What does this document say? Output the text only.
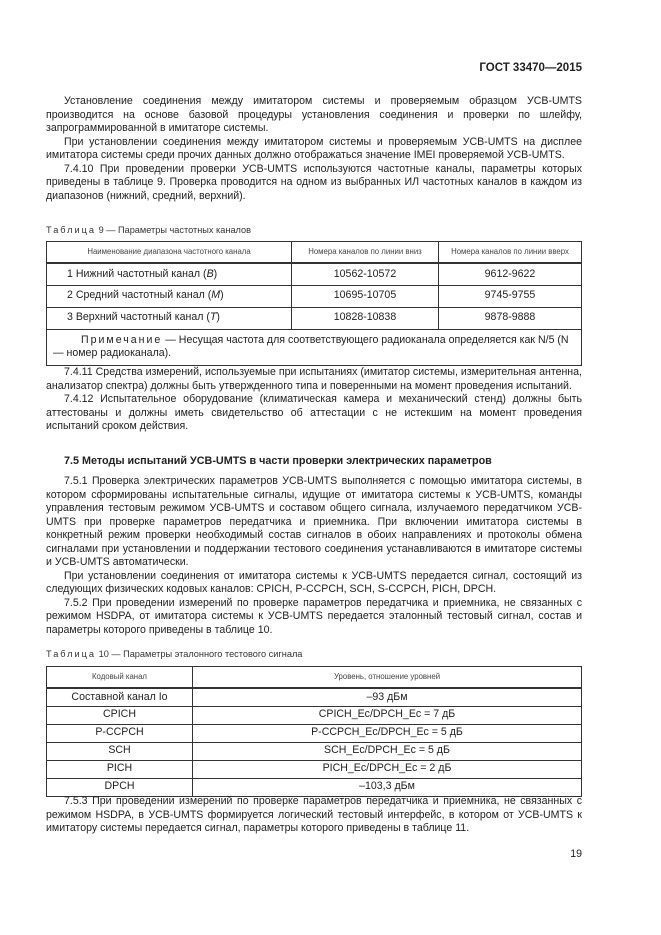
ГОСТ 33470—2015

Установление соединения между имитатором системы и проверяемым образцом УСВ-UMTS производится на основе базовой процедуры установления соединения и проверки по шлейфу, запрограммированной в имитаторе системы.

При установлении соединения между имитатором системы и проверяемым УСВ-UMTS на дисплее имитатора системы среди прочих данных должно отображаться значение IMEI проверяемой УСВ-UMTS.

7.4.10 При проведении проверки УСВ-UMTS используются частотные каналы, параметры которых приведены в таблице 9. Проверка проводится на одном из выбранных ИЛ частотных каналов в каждом из диапазонов (нижний, средний, верхний).

Таблица 9 — Параметры частотных каналов
Наименование диапазона частотного канала	Номера каналов по линии вниз	Номера каналов по линии вверх
1 Нижний частотный канал (B)	10562-10572	9612-9622
2 Средний частотный канал (M)	10695-10705	9745-9755
3 Верхний частотный канал (T)	10828-10838	9878-9888
Примечание — Несущая частота для соответствующего радиоканала определяется как N/5 (N — номер радиоканала).		

7.4.11 Средства измерений, используемые при испытаниях (имитатор системы, измерительная антенна, анализатор спектра) должны быть утвержденного типа и поверенными на момент проведения испытаний.

7.4.12 Испытательное оборудование (климатическая камера и механический стенд) должны быть аттестованы и должны иметь свидетельство об аттестации с не истекшим на момент проведения испытаний сроком действия.

7.5 Методы испытаний УСВ-UMTS в части проверки электрических параметров

7.5.1 Проверка электрических параметров УСВ-UMTS выполняется с помощью имитатора системы, в котором сформированы испытательные сигналы, идущие от имитатора системы к УСВ-UMTS, команды управления тестовым режимом УСВ-UMTS и составом общего сигнала, излучаемого передатчиком УСВ-UMTS при проверке параметров передатчика и приемника. При включении имитатора системы в конкретный режим проверки необходимый состав сигналов в обоих направлениях и протоколы обмена сигналами при установлении и поддержании тестового соединения устанавливаются в имитаторе системы и УСВ-UMTS автоматически.

При установлении соединения от имитатора системы к УСВ-UMTS передается сигнал, состоящий из следующих физических кодовых каналов: CPICH, P-CCPCH, SCH, S-CCPCH, PICH, DPCH.

7.5.2 При проведении измерений по проверке параметров передатчика и приемника, не связанных с режимом HSDPA, от имитатора системы к УСВ-UMTS передается эталонный тестовый сигнал, состав и параметры которого приведены в таблице 10.

Таблица 10 — Параметры эталонного тестового сигнала
Кодовый канал	Уровень, отношение уровней
Составной канал Io	–93 дБм
CPICH	CPICH_Ec/DPCH_Ec = 7 дБ
P-CCPCH	P-CCPCH_Ec/DPCH_Ec = 5 дБ
SCH	SCH_Ec/DPCH_Ec = 5 дБ
PICH	PICH_Ec/DPCH_Ec = 2 дБ
DPCH	–103,3 дБм

7.5.3 При проведении измерений по проверке параметров передатчика и приемника, не связанных с режимом HSDPA, в УСВ-UMTS формируется логический тестовый интерфейс, в котором от УСВ-UMTS к имитатору системы передается сигнал, параметры которого приведены в таблице 11.

19
